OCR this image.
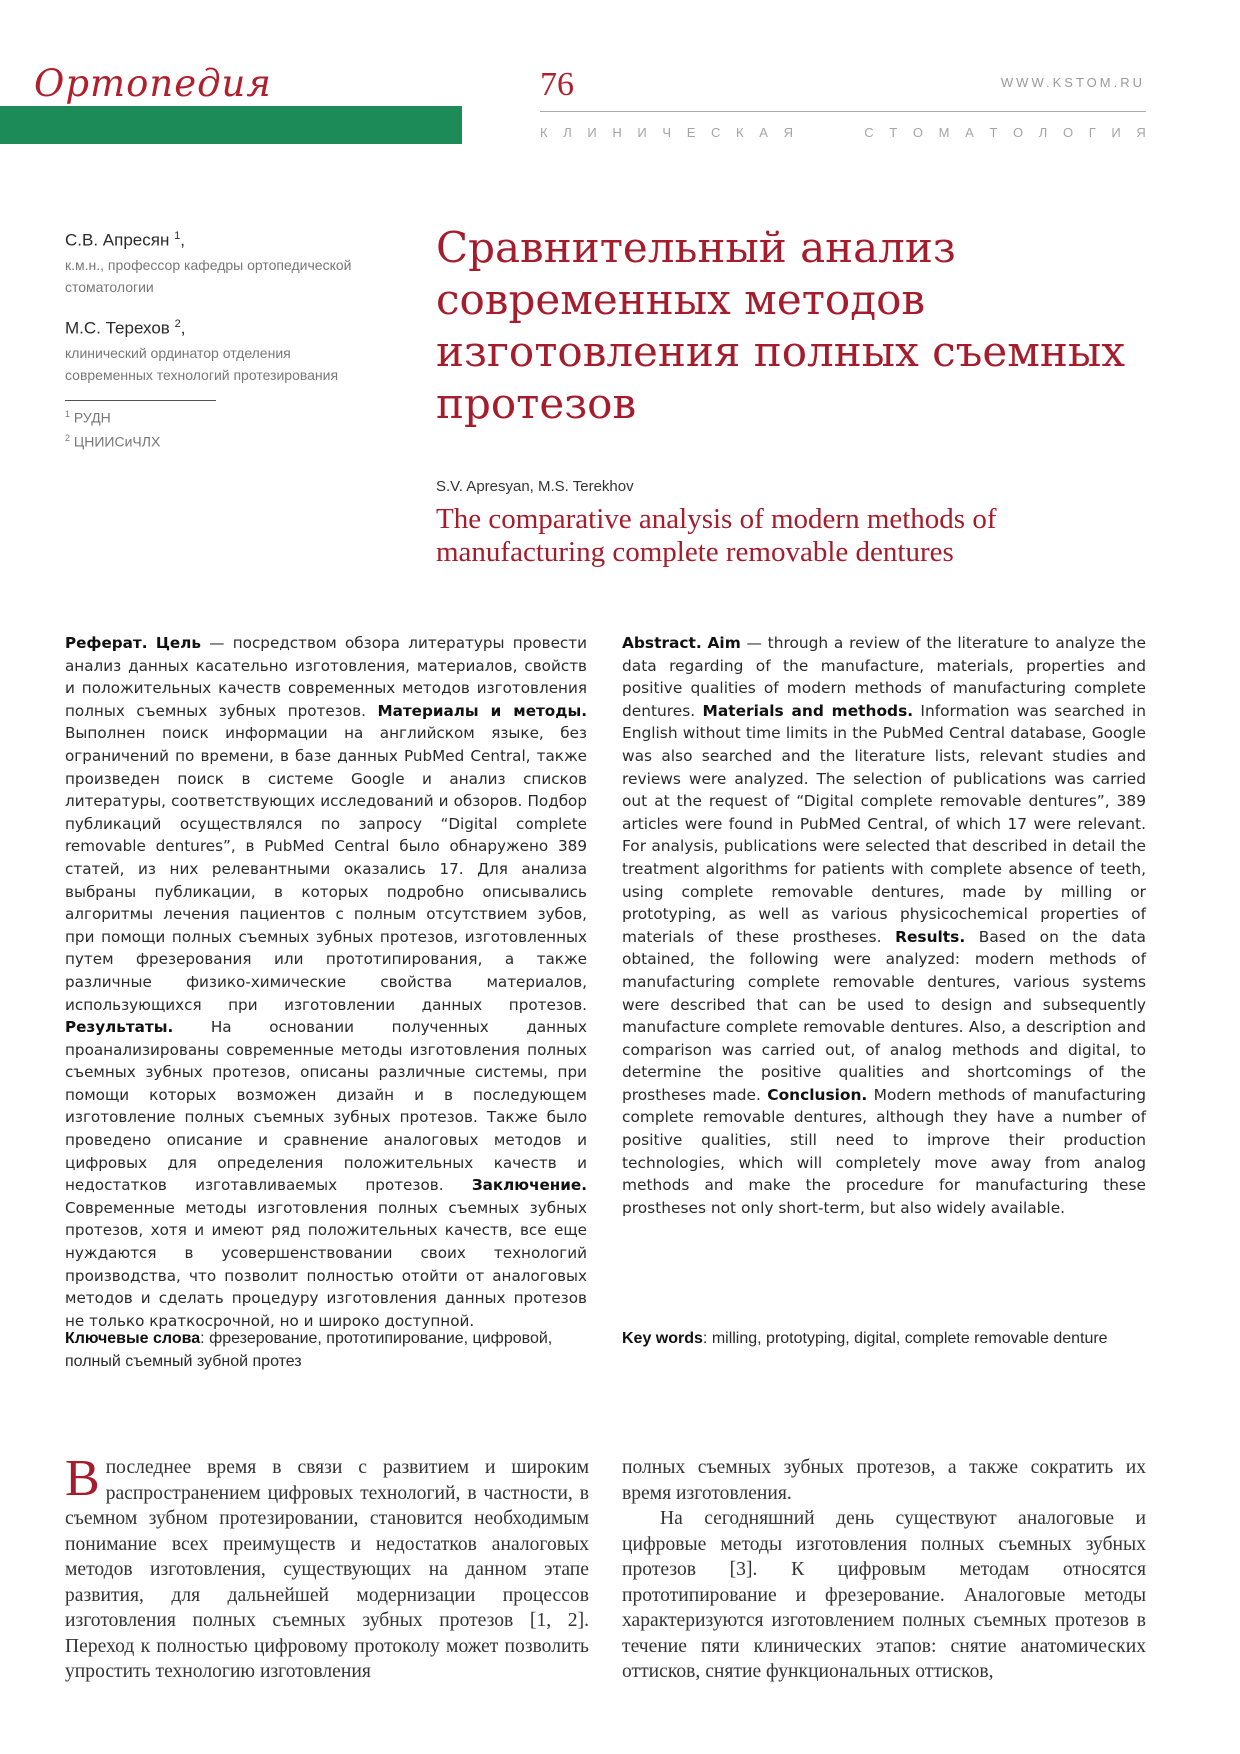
Ортопедия	76	WWW.KSTOM.RU
К Л И Н И Ч Е С К А Я	С Т О М А Т О Л О Г И Я
С.В. Апресян $^1$,
к.м.н., профессор кафедры ортопедической
стоматологии
М.С. Терехов $^2$,
клинический ординатор отделения
современных технологий протезирования
$^1$ РУДН
$^2$ ЦНИИСиЧЛХ
Сравнительный анализ современных методов изготовления полных съемных протезов
S.V. Apresyan, M.S. Terekhov
The comparative analysis of modern methods of manufacturing complete removable dentures
Реферат. Цель — посредством обзора литературы провести анализ данных касательно изготовления, материалов, свойств и положительных качеств современных методов изготовления полных съемных зубных протезов. Материалы и методы. Выполнен поиск информации на английском языке, без ограничений по времени, в базе данных PubMed Central, также произведен поиск в системе Google и анализ списков литературы, соответствующих исследований и обзоров. Подбор публикаций осуществлялся по запросу “Digital complete removable dentures”, в PubMed Central было обнаружено 389 статей, из них релевантными оказались 17. Для анализа выбраны публикации, в которых подробно описывались алгоритмы лечения пациентов с полным отсутствием зубов, при помощи полных съемных зубных протезов, изготовленных путем фрезерования или прототипирования, а также различные физико-химические свойства материалов, использующихся при изготовлении данных протезов. Результаты. На основании полученных данных проанализированы современные методы изготовления полных съемных зубных протезов, описаны различные системы, при помощи которых возможен дизайн и в последующем изготовление полных съемных зубных протезов. Также было проведено описание и сравнение аналоговых методов и цифровых для определения положительных качеств и недостатков изготавливаемых протезов. Заключение. Современные методы изготовления полных съемных зубных протезов, хотя и имеют ряд положительных качеств, все еще нуждаются в усовершенствовании своих технологий производства, что позволит полностью отойти от аналоговых методов и сделать процедуру изготовления данных протезов не только краткосрочной, но и широко доступной.
Abstract. Aim — through a review of the literature to analyze the data regarding of the manufacture, materials, properties and positive qualities of modern methods of manufacturing complete dentures. Materials and methods. Information was searched in English without time limits in the PubMed Central database, Google was also searched and the literature lists, relevant studies and reviews were analyzed. The selection of publications was carried out at the request of “Digital complete removable dentures”, 389 articles were found in PubMed Central, of which 17 were relevant. For analysis, publications were selected that described in detail the treatment algorithms for patients with complete absence of teeth, using complete removable dentures, made by milling or prototyping, as well as various physicochemical properties of materials of these prostheses. Results. Based on the data obtained, the following were analyzed: modern methods of manufacturing complete removable dentures, various systems were described that can be used to design and subsequently manufacture complete removable dentures. Also, a description and comparison was carried out, of analog methods and digital, to determine the positive qualities and shortcomings of the prostheses made. Conclusion. Modern methods of manufacturing complete removable dentures, although they have a number of positive qualities, still need to improve their production technologies, which will completely move away from analog methods and make the procedure for manufacturing these prostheses not only short-term, but also widely available.
Ключевые слова: фрезерование, прототипирование, цифровой, полный съемный зубной протез
Key words: milling, prototyping, digital, complete removable denture
В последнее время в связи с развитием и широким распространением цифровых технологий, в частности, в съемном зубном протезировании, становится необходимым понимание всех преимуществ и недостатков аналоговых методов изготовления, существующих на данном этапе развития, для дальнейшей модернизации процессов изготовления полных съемных зубных протезов [1, 2]. Переход к полностью цифровому протоколу может позволить упростить технологию изготовления
полных съемных зубных протезов, а также сократить их время изготовления.
На сегодняшний день существуют аналоговые и цифровые методы изготовления полных съемных зубных протезов [3]. К цифровым методам относятся прототипирование и фрезерование. Аналоговые методы характеризуются изготовлением полных съемных протезов в течение пяти клинических этапов: снятие анатомических оттисков, снятие функциональных оттисков,
